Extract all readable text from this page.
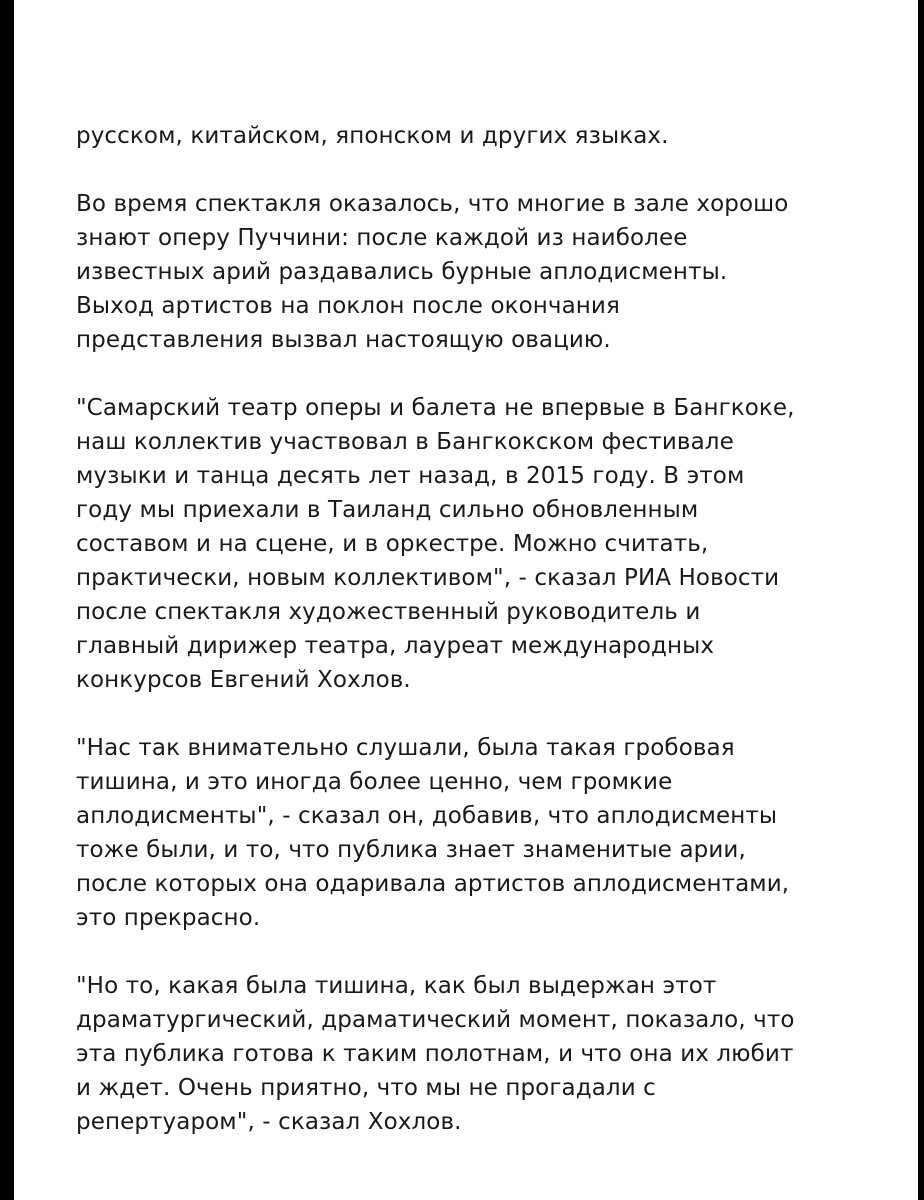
русском, китайском, японском и других языках.
Во время спектакля оказалось, что многие в зале хорошо
знают оперу Пуччини: после каждой из наиболее
известных арий раздавались бурные аплодисменты.
Выход артистов на поклон после окончания
представления вызвал настоящую овацию.
"Самарский театр оперы и балета не впервые в Бангкоке,
наш коллектив участвовал в Бангкокском фестивале
музыки и танца десять лет назад, в 2015 году. В этом
году мы приехали в Таиланд сильно обновленным
составом и на сцене, и в оркестре. Можно считать,
практически, новым коллективом", - сказал РИА Новости
после спектакля художественный руководитель и
главный дирижер театра, лауреат международных
конкурсов Евгений Хохлов.
"Нас так внимательно слушали, была такая гробовая
тишина, и это иногда более ценно, чем громкие
аплодисменты", - сказал он, добавив, что аплодисменты
тоже были, и то, что публика знает знаменитые арии,
после которых она одаривала артистов аплодисментами,
это прекрасно.
"Но то, какая была тишина, как был выдержан этот
драматургический, драматический момент, показало, что
эта публика готова к таким полотнам, и что она их любит
и ждет. Очень приятно, что мы не прогадали с
репертуаром", - сказал Хохлов.
